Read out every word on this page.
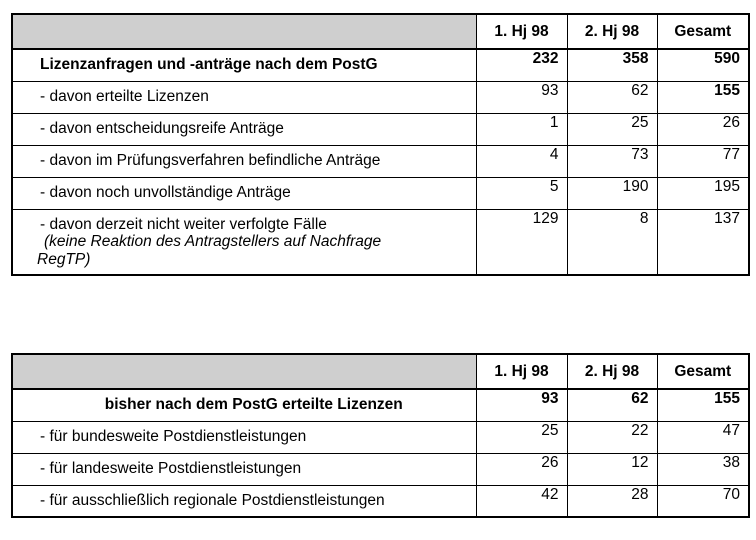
	1. Hj 98	2. Hj 98	Gesamt
Lizenzanfragen und -anträge nach dem PostG	232	358	590
- davon erteilte Lizenzen	93	62	155
- davon entscheidungsreife Anträge	1	25	26
- davon im Prüfungsverfahren befindliche Anträge	4	73	77
- davon noch unvollständige Anträge	5	190	195
- davon derzeit nicht weiter verfolgte Fälle
(keine Reaktion des Antragstellers auf Nachfrage
RegTP)	129	8	137
	1. Hj 98	2. Hj 98	Gesamt
bisher nach dem PostG erteilte Lizenzen	93	62	155
- für bundesweite Postdienstleistungen	25	22	47
- für landesweite Postdienstleistungen	26	12	38
- für ausschließlich regionale Postdienstleistungen	42	28	70
